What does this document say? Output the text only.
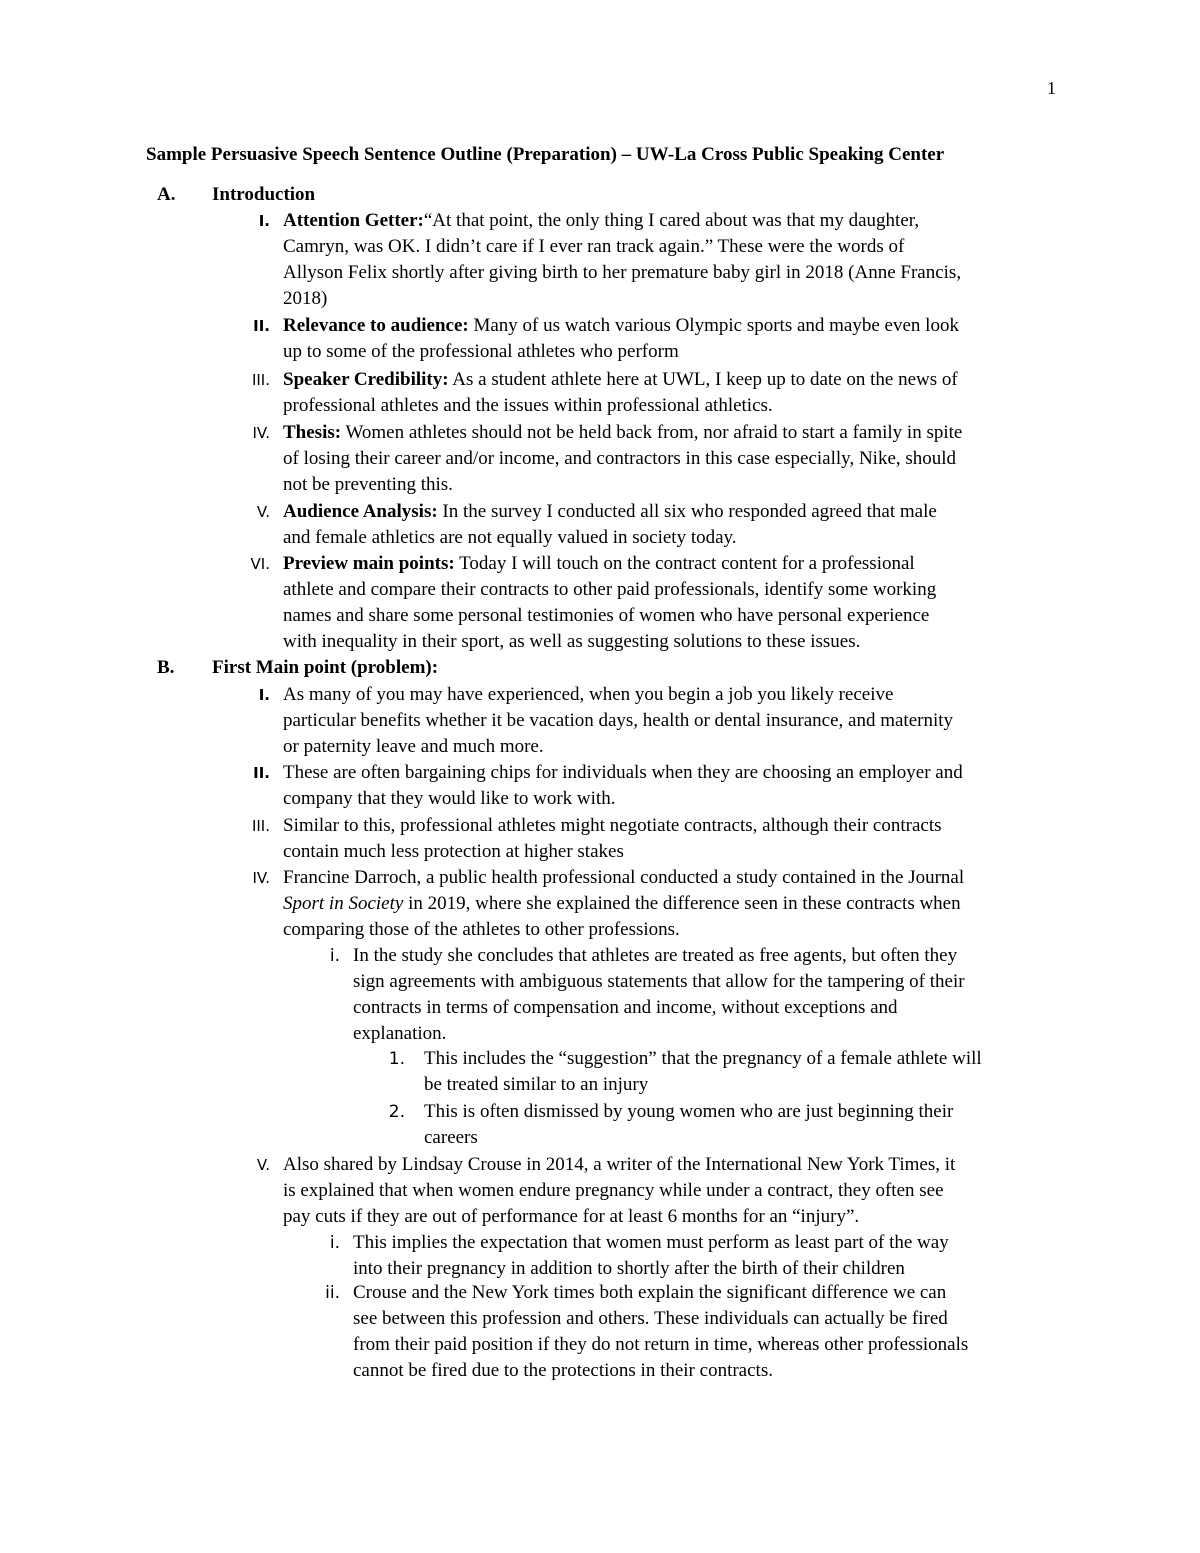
1
Sample Persuasive Speech Sentence Outline (Preparation) – UW-La Cross Public Speaking Center
A. Introduction
I. Attention Getter:“At that point, the only thing I cared about was that my daughter,
Camryn, was OK. I didn’t care if I ever ran track again.” These were the words of
Allyson Felix shortly after giving birth to her premature baby girl in 2018 (Anne Francis,
2018)
II. Relevance to audience: Many of us watch various Olympic sports and maybe even look
up to some of the professional athletes who perform
III. Speaker Credibility: As a student athlete here at UWL, I keep up to date on the news of
professional athletes and the issues within professional athletics.
IV. Thesis: Women athletes should not be held back from, nor afraid to start a family in spite
of losing their career and/or income, and contractors in this case especially, Nike, should
not be preventing this.
V. Audience Analysis: In the survey I conducted all six who responded agreed that male
and female athletics are not equally valued in society today.
VI. Preview main points: Today I will touch on the contract content for a professional
athlete and compare their contracts to other paid professionals, identify some working
names and share some personal testimonies of women who have personal experience
with inequality in their sport, as well as suggesting solutions to these issues.
B. First Main point (problem):
I. As many of you may have experienced, when you begin a job you likely receive
particular benefits whether it be vacation days, health or dental insurance, and maternity
or paternity leave and much more.
II. These are often bargaining chips for individuals when they are choosing an employer and
company that they would like to work with.
III. Similar to this, professional athletes might negotiate contracts, although their contracts
contain much less protection at higher stakes
IV. Francine Darroch, a public health professional conducted a study contained in the Journal
Sport in Society in 2019, where she explained the difference seen in these contracts when
comparing those of the athletes to other professions.
i. In the study she concludes that athletes are treated as free agents, but often they
sign agreements with ambiguous statements that allow for the tampering of their
contracts in terms of compensation and income, without exceptions and
explanation.
1. This includes the “suggestion” that the pregnancy of a female athlete will
be treated similar to an injury
2. This is often dismissed by young women who are just beginning their
careers
V. Also shared by Lindsay Crouse in 2014, a writer of the International New York Times, it
is explained that when women endure pregnancy while under a contract, they often see
pay cuts if they are out of performance for at least 6 months for an “injury”.
i. This implies the expectation that women must perform as least part of the way
into their pregnancy in addition to shortly after the birth of their children
ii. Crouse and the New York times both explain the significant difference we can
see between this profession and others. These individuals can actually be fired
from their paid position if they do not return in time, whereas other professionals
cannot be fired due to the protections in their contracts.
